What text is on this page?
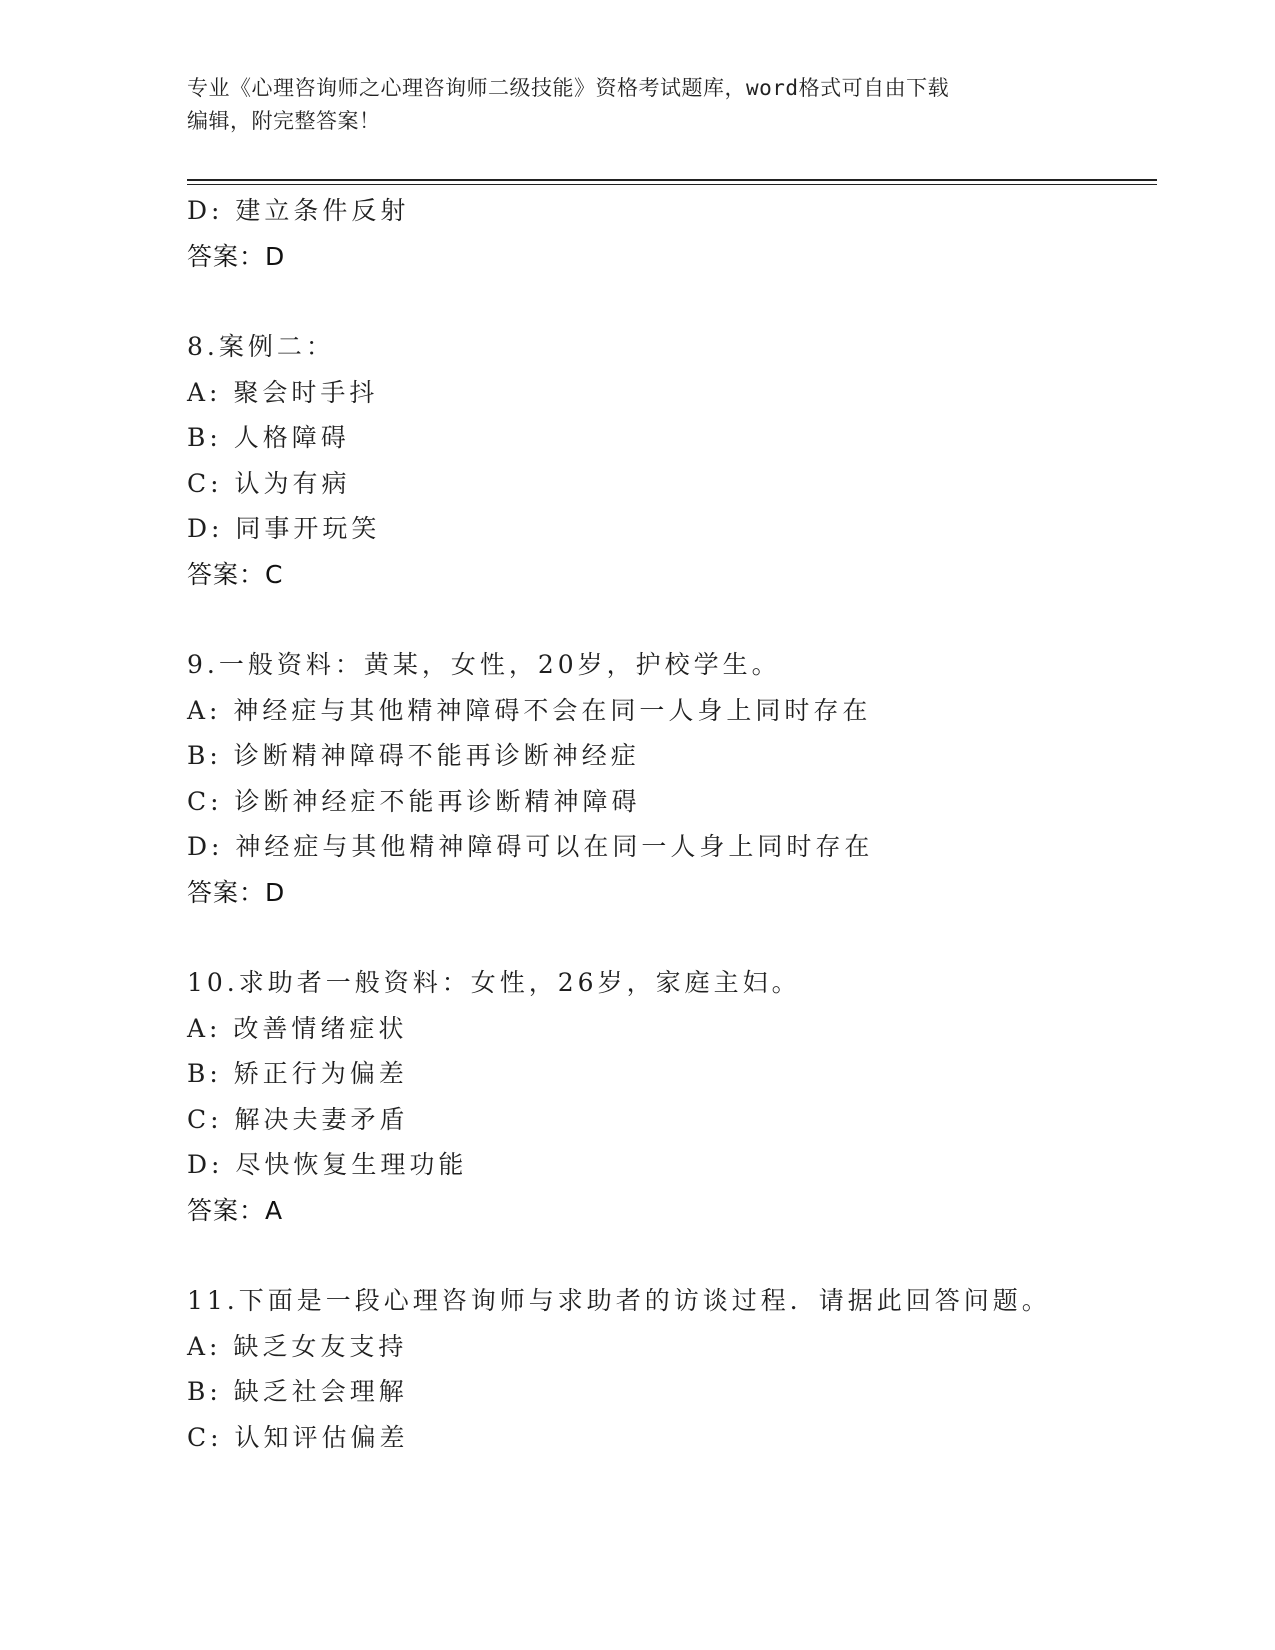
专业《心理咨询师之心理咨询师二级技能》资格考试题库，word格式可自由下载
编辑，附完整答案！
D: 建立条件反射
答案：D
8.案例二：
A: 聚会时手抖
B: 人格障碍
C: 认为有病
D: 同事开玩笑
答案：C
9.一般资料：黄某，女性，20岁，护校学生。
A: 神经症与其他精神障碍不会在同一人身上同时存在
B: 诊断精神障碍不能再诊断神经症
C: 诊断神经症不能再诊断精神障碍
D: 神经症与其他精神障碍可以在同一人身上同时存在
答案：D
10.求助者一般资料：女性，26岁，家庭主妇。
A: 改善情绪症状
B: 矫正行为偏差
C: 解决夫妻矛盾
D: 尽快恢复生理功能
答案：A
11.下面是一段心理咨询师与求助者的访谈过程．请据此回答问题。
A: 缺乏女友支持
B: 缺乏社会理解
C: 认知评估偏差
